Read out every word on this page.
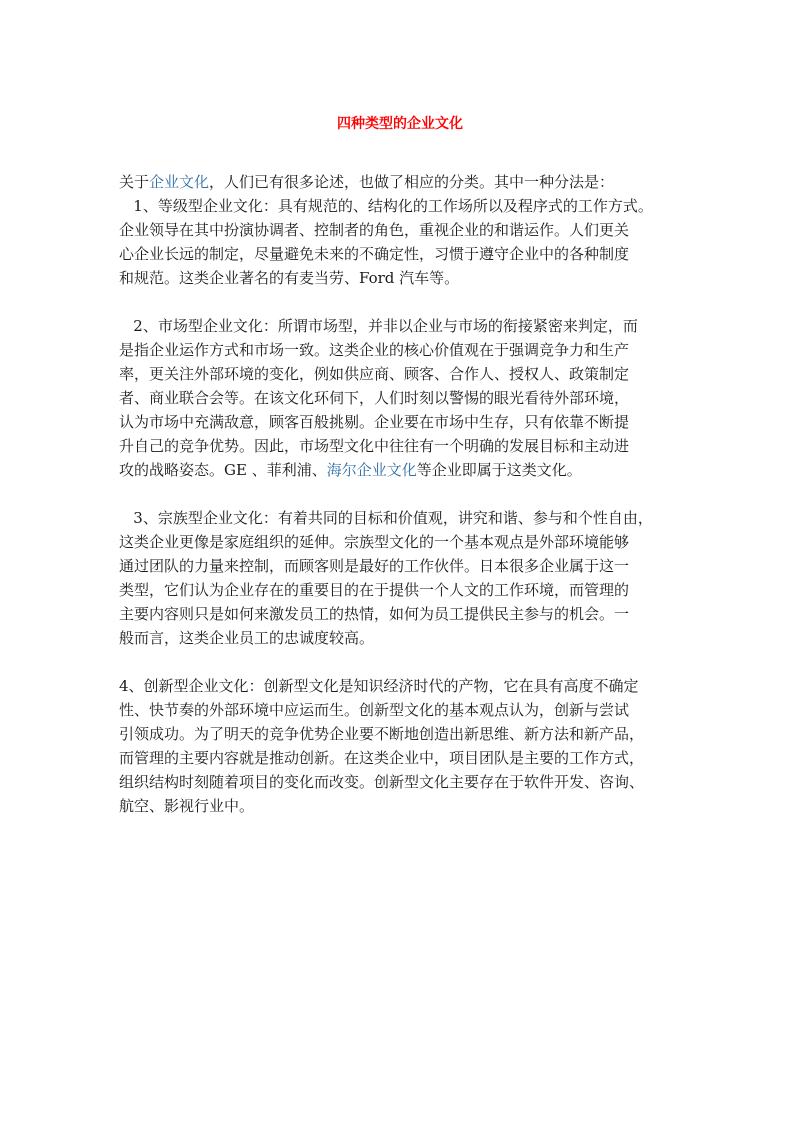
四种类型的企业文化

关于企业文化，人们已有很多论述，也做了相应的分类。其中一种分法是：

1、等级型企业文化：具有规范的、结构化的工作场所以及程序式的工作方式。

企业领导在其中扮演协调者、控制者的角色，重视企业的和谐运作。人们更关

心企业长远的制定，尽量避免未来的不确定性，习惯于遵守企业中的各种制度

和规范。这类企业著名的有麦当劳、Ford 汽车等。

2、市场型企业文化：所谓市场型，并非以企业与市场的衔接紧密来判定，而

是指企业运作方式和市场一致。这类企业的核心价值观在于强调竞争力和生产

率，更关注外部环境的变化，例如供应商、顾客、合作人、授权人、政策制定

者、商业联合会等。在该文化环伺下，人们时刻以警惕的眼光看待外部环境，

认为市场中充满敌意，顾客百般挑剔。企业要在市场中生存，只有依靠不断提

升自己的竞争优势。因此，市场型文化中往往有一个明确的发展目标和主动进

攻的战略姿态。GE 、菲利浦、海尔企业文化等企业即属于这类文化。

3、宗族型企业文化：有着共同的目标和价值观，讲究和谐、参与和个性自由，

这类企业更像是家庭组织的延伸。宗族型文化的一个基本观点是外部环境能够

通过团队的力量来控制，而顾客则是最好的工作伙伴。日本很多企业属于这一

类型，它们认为企业存在的重要目的在于提供一个人文的工作环境，而管理的

主要内容则只是如何来激发员工的热情，如何为员工提供民主参与的机会。一

般而言，这类企业员工的忠诚度较高。

4、创新型企业文化：创新型文化是知识经济时代的产物，它在具有高度不确定

性、快节奏的外部环境中应运而生。创新型文化的基本观点认为，创新与尝试

引领成功。为了明天的竞争优势企业要不断地创造出新思维、新方法和新产品，

而管理的主要内容就是推动创新。在这类企业中，项目团队是主要的工作方式，

组织结构时刻随着项目的变化而改变。创新型文化主要存在于软件开发、咨询、

航空、影视行业中。
